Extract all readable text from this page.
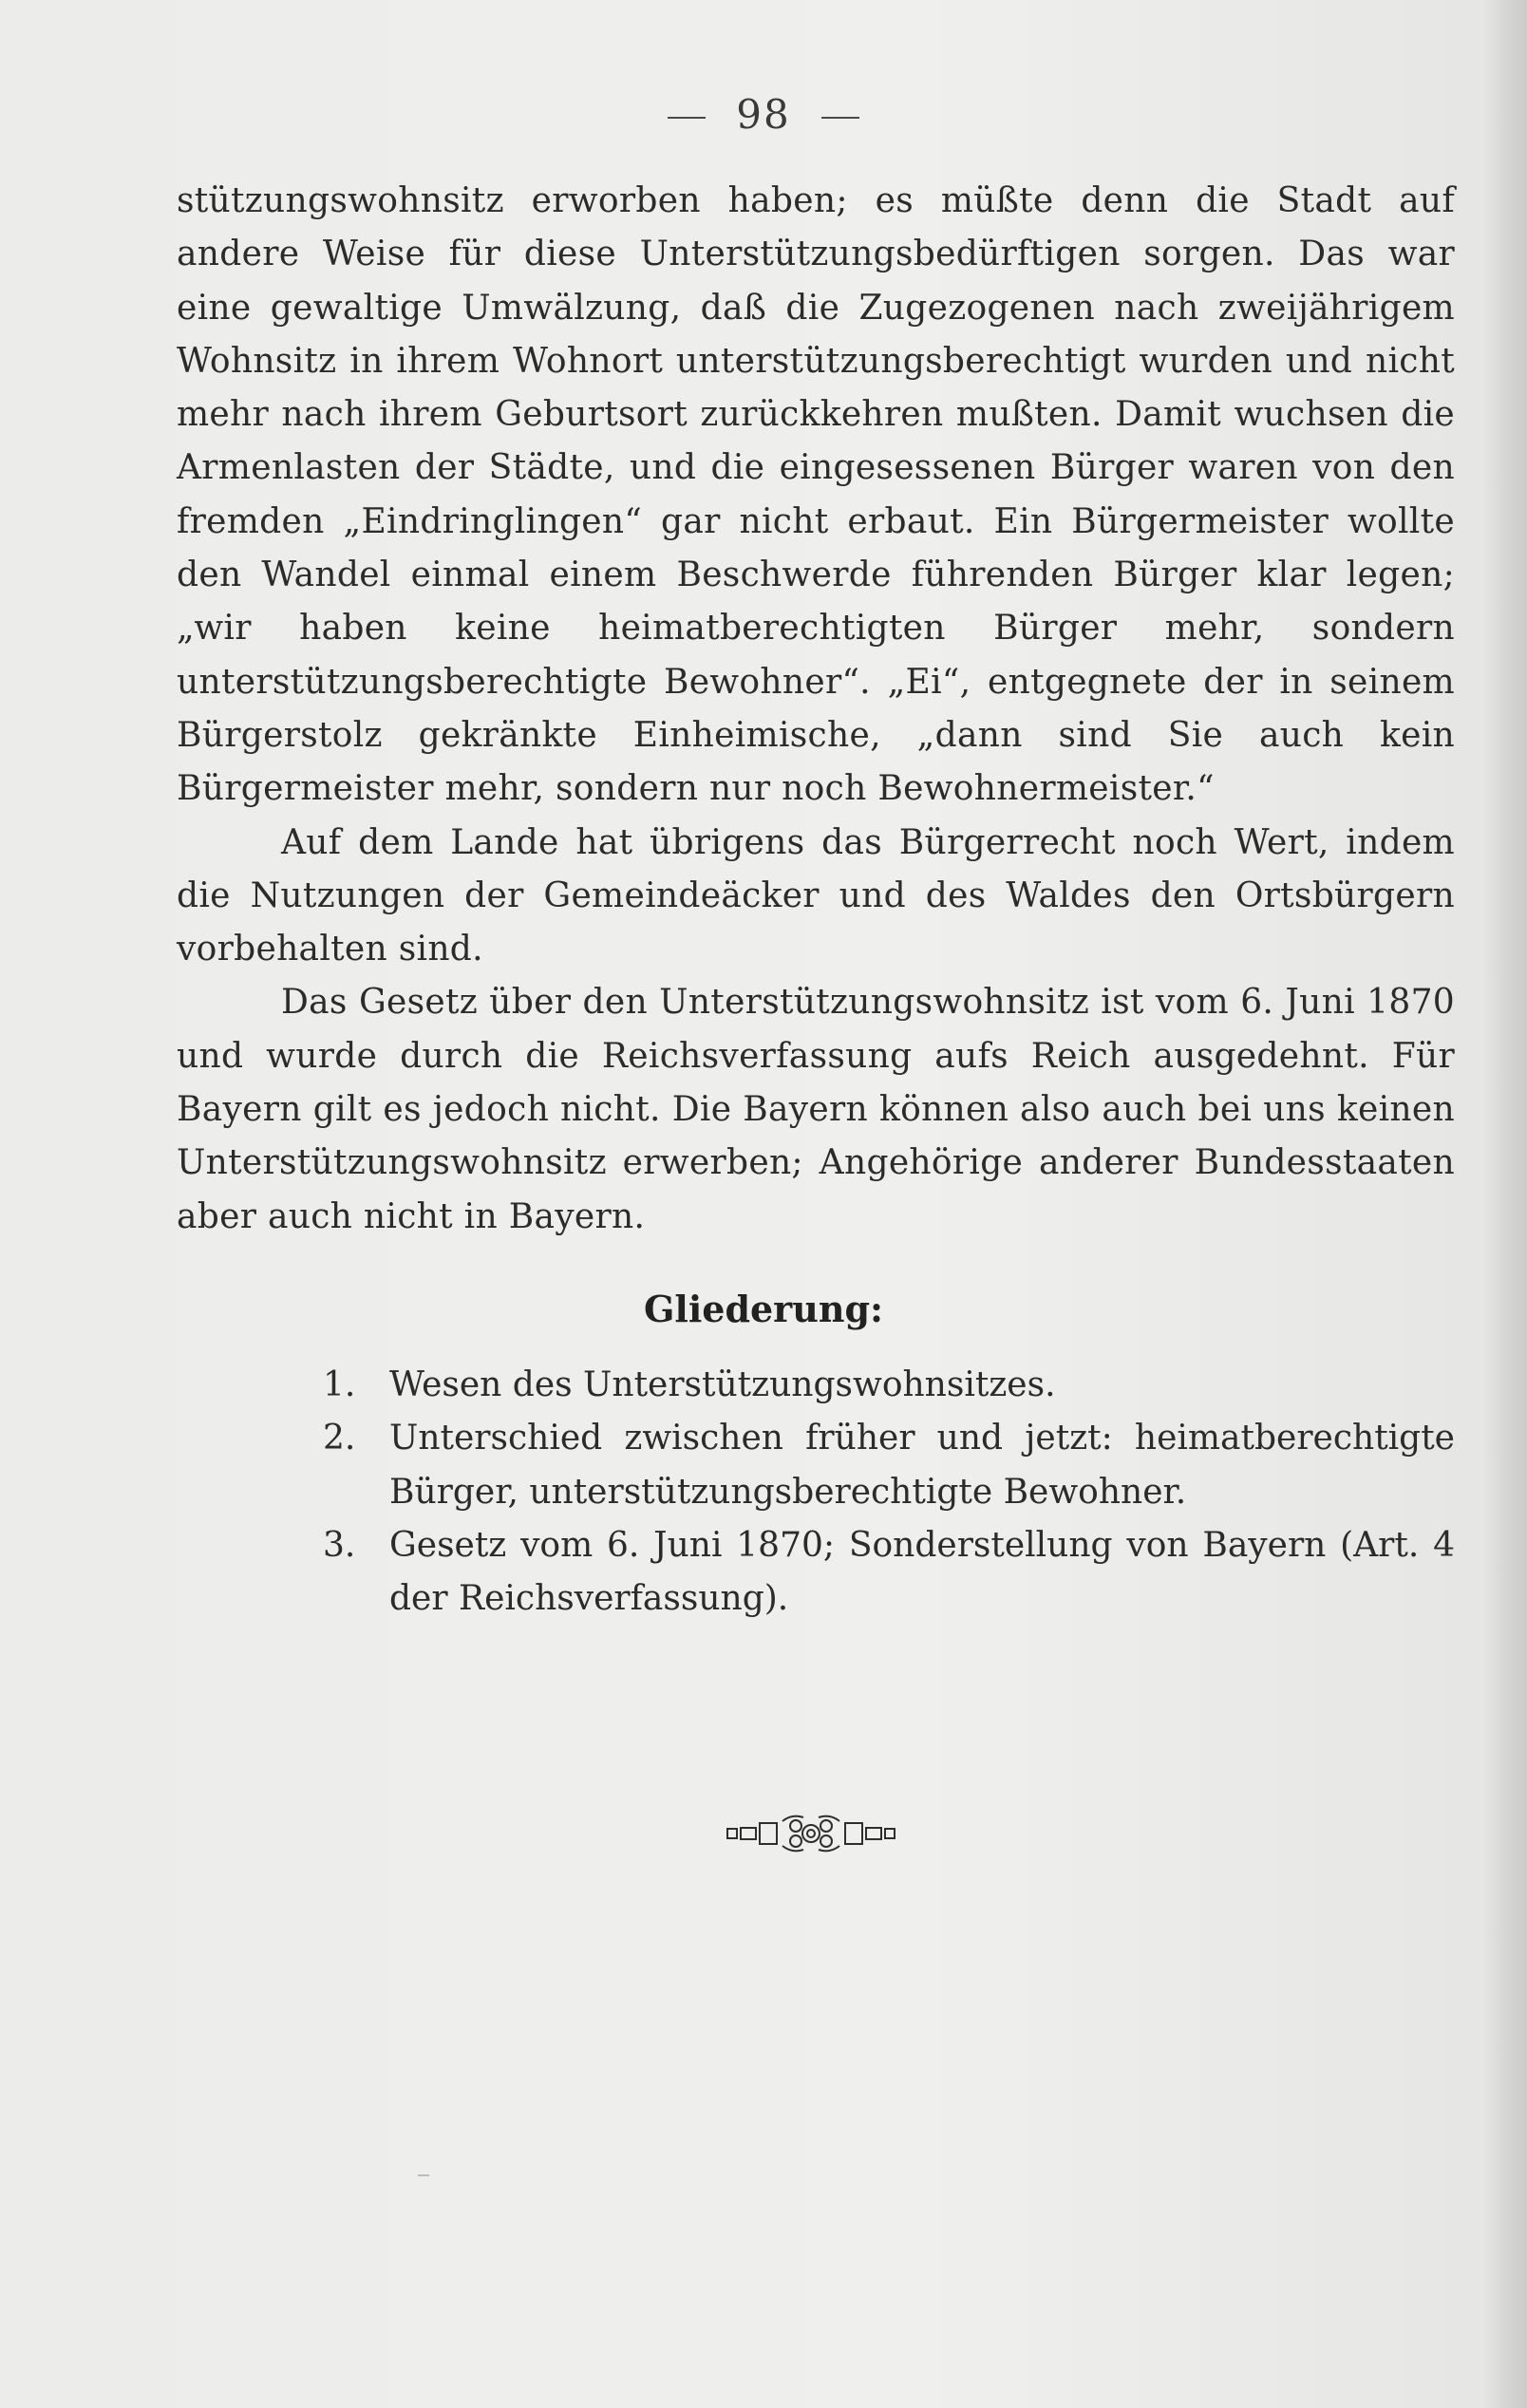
98

stützungswohnsitz erworben haben; es müßte denn die Stadt auf andere Weise für diese Unterstützungsbedürftigen sorgen. Das war eine gewaltige Umwälzung, daß die Zugezogenen nach zweijährigem Wohnsitz in ihrem Wohnort unterstützungsberechtigt wurden und nicht mehr nach ihrem Geburtsort zurückkehren mußten. Damit wuchsen die Armenlasten der Städte, und die eingesessenen Bürger waren von den fremden „Eindringlingen“ gar nicht erbaut. Ein Bürgermeister wollte den Wandel einmal einem Beschwerde führenden Bürger klar legen; „wir haben keine heimatberechtigten Bürger mehr, sondern unterstützungsberechtigte Bewohner“. „Ei“, entgegnete der in seinem Bürgerstolz gekränkte Einheimische, „dann sind Sie auch kein Bürgermeister mehr, sondern nur noch Bewohnermeister.“

Auf dem Lande hat übrigens das Bürgerrecht noch Wert, indem die Nutzungen der Gemeindeäcker und des Waldes den Ortsbürgern vorbehalten sind.

Das Gesetz über den Unterstützungswohnsitz ist vom 6. Juni 1870 und wurde durch die Reichsverfassung aufs Reich ausgedehnt. Für Bayern gilt es jedoch nicht. Die Bayern können also auch bei uns keinen Unterstützungswohnsitz erwerben; Angehörige anderer Bundesstaaten aber auch nicht in Bayern.

Gliederung:
1. Wesen des Unterstützungswohnsitzes.
2. Unterschied zwischen früher und jetzt: heimatberechtigte Bürger, unterstützungsberechtigte Bewohner.
3. Gesetz vom 6. Juni 1870; Sonderstellung von Bayern (Art. 4 der Reichsverfassung).
